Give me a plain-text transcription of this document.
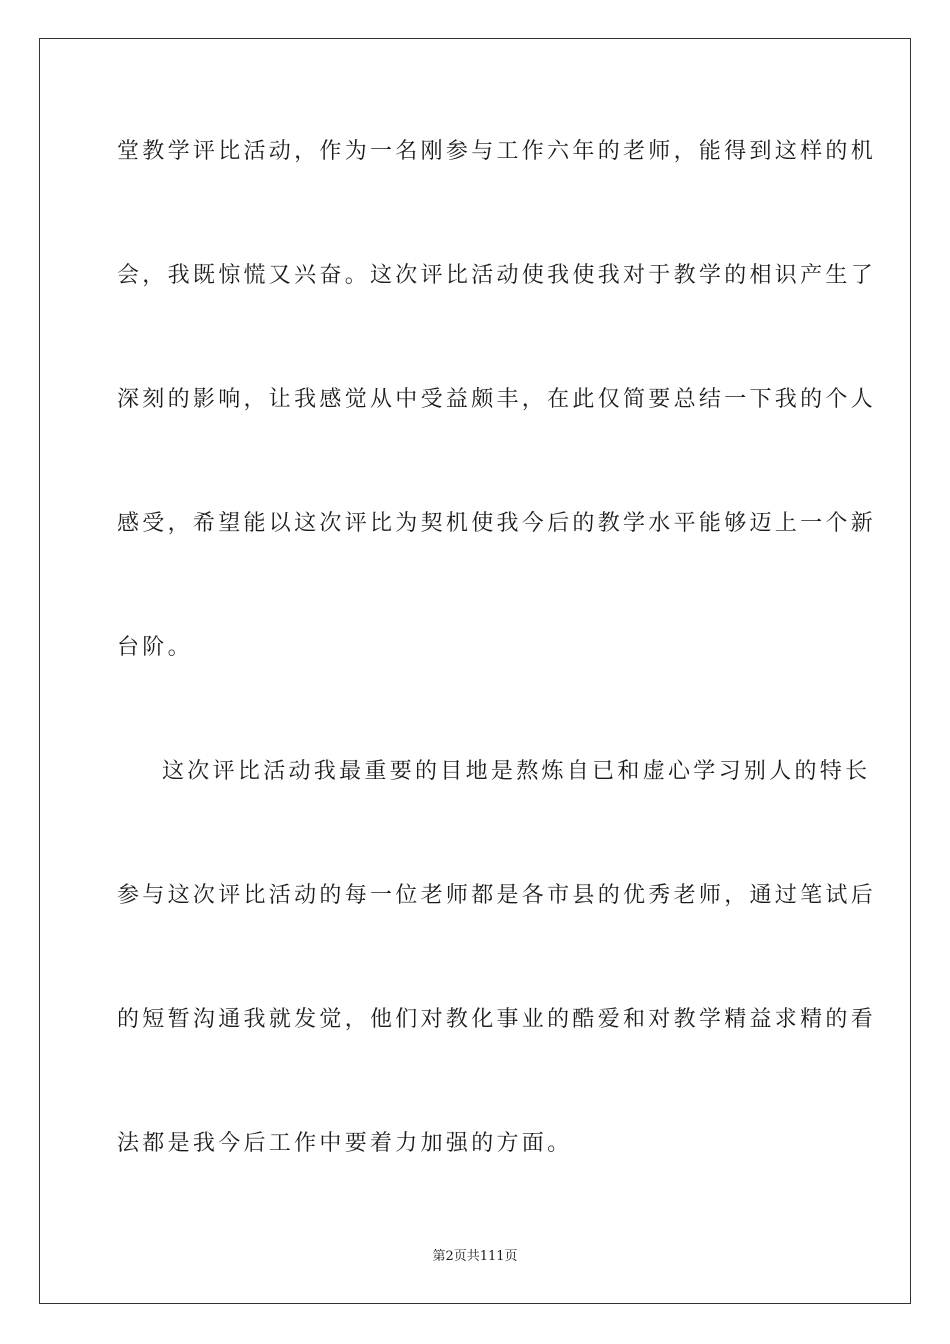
堂教学评比活动，作为一名刚参与工作六年的老师，能得到这样的机
会，我既惊慌又兴奋。这次评比活动使我使我对于教学的相识产生了
深刻的影响，让我感觉从中受益颇丰，在此仅简要总结一下我的个人
感受，希望能以这次评比为契机使我今后的教学水平能够迈上一个新
台阶。
这次评比活动我最重要的目地是熬炼自已和虚心学习别人的特长
参与这次评比活动的每一位老师都是各市县的优秀老师，通过笔试后
的短暂沟通我就发觉，他们对教化事业的酷爱和对教学精益求精的看
法都是我今后工作中要着力加强的方面。
第2页共111页
